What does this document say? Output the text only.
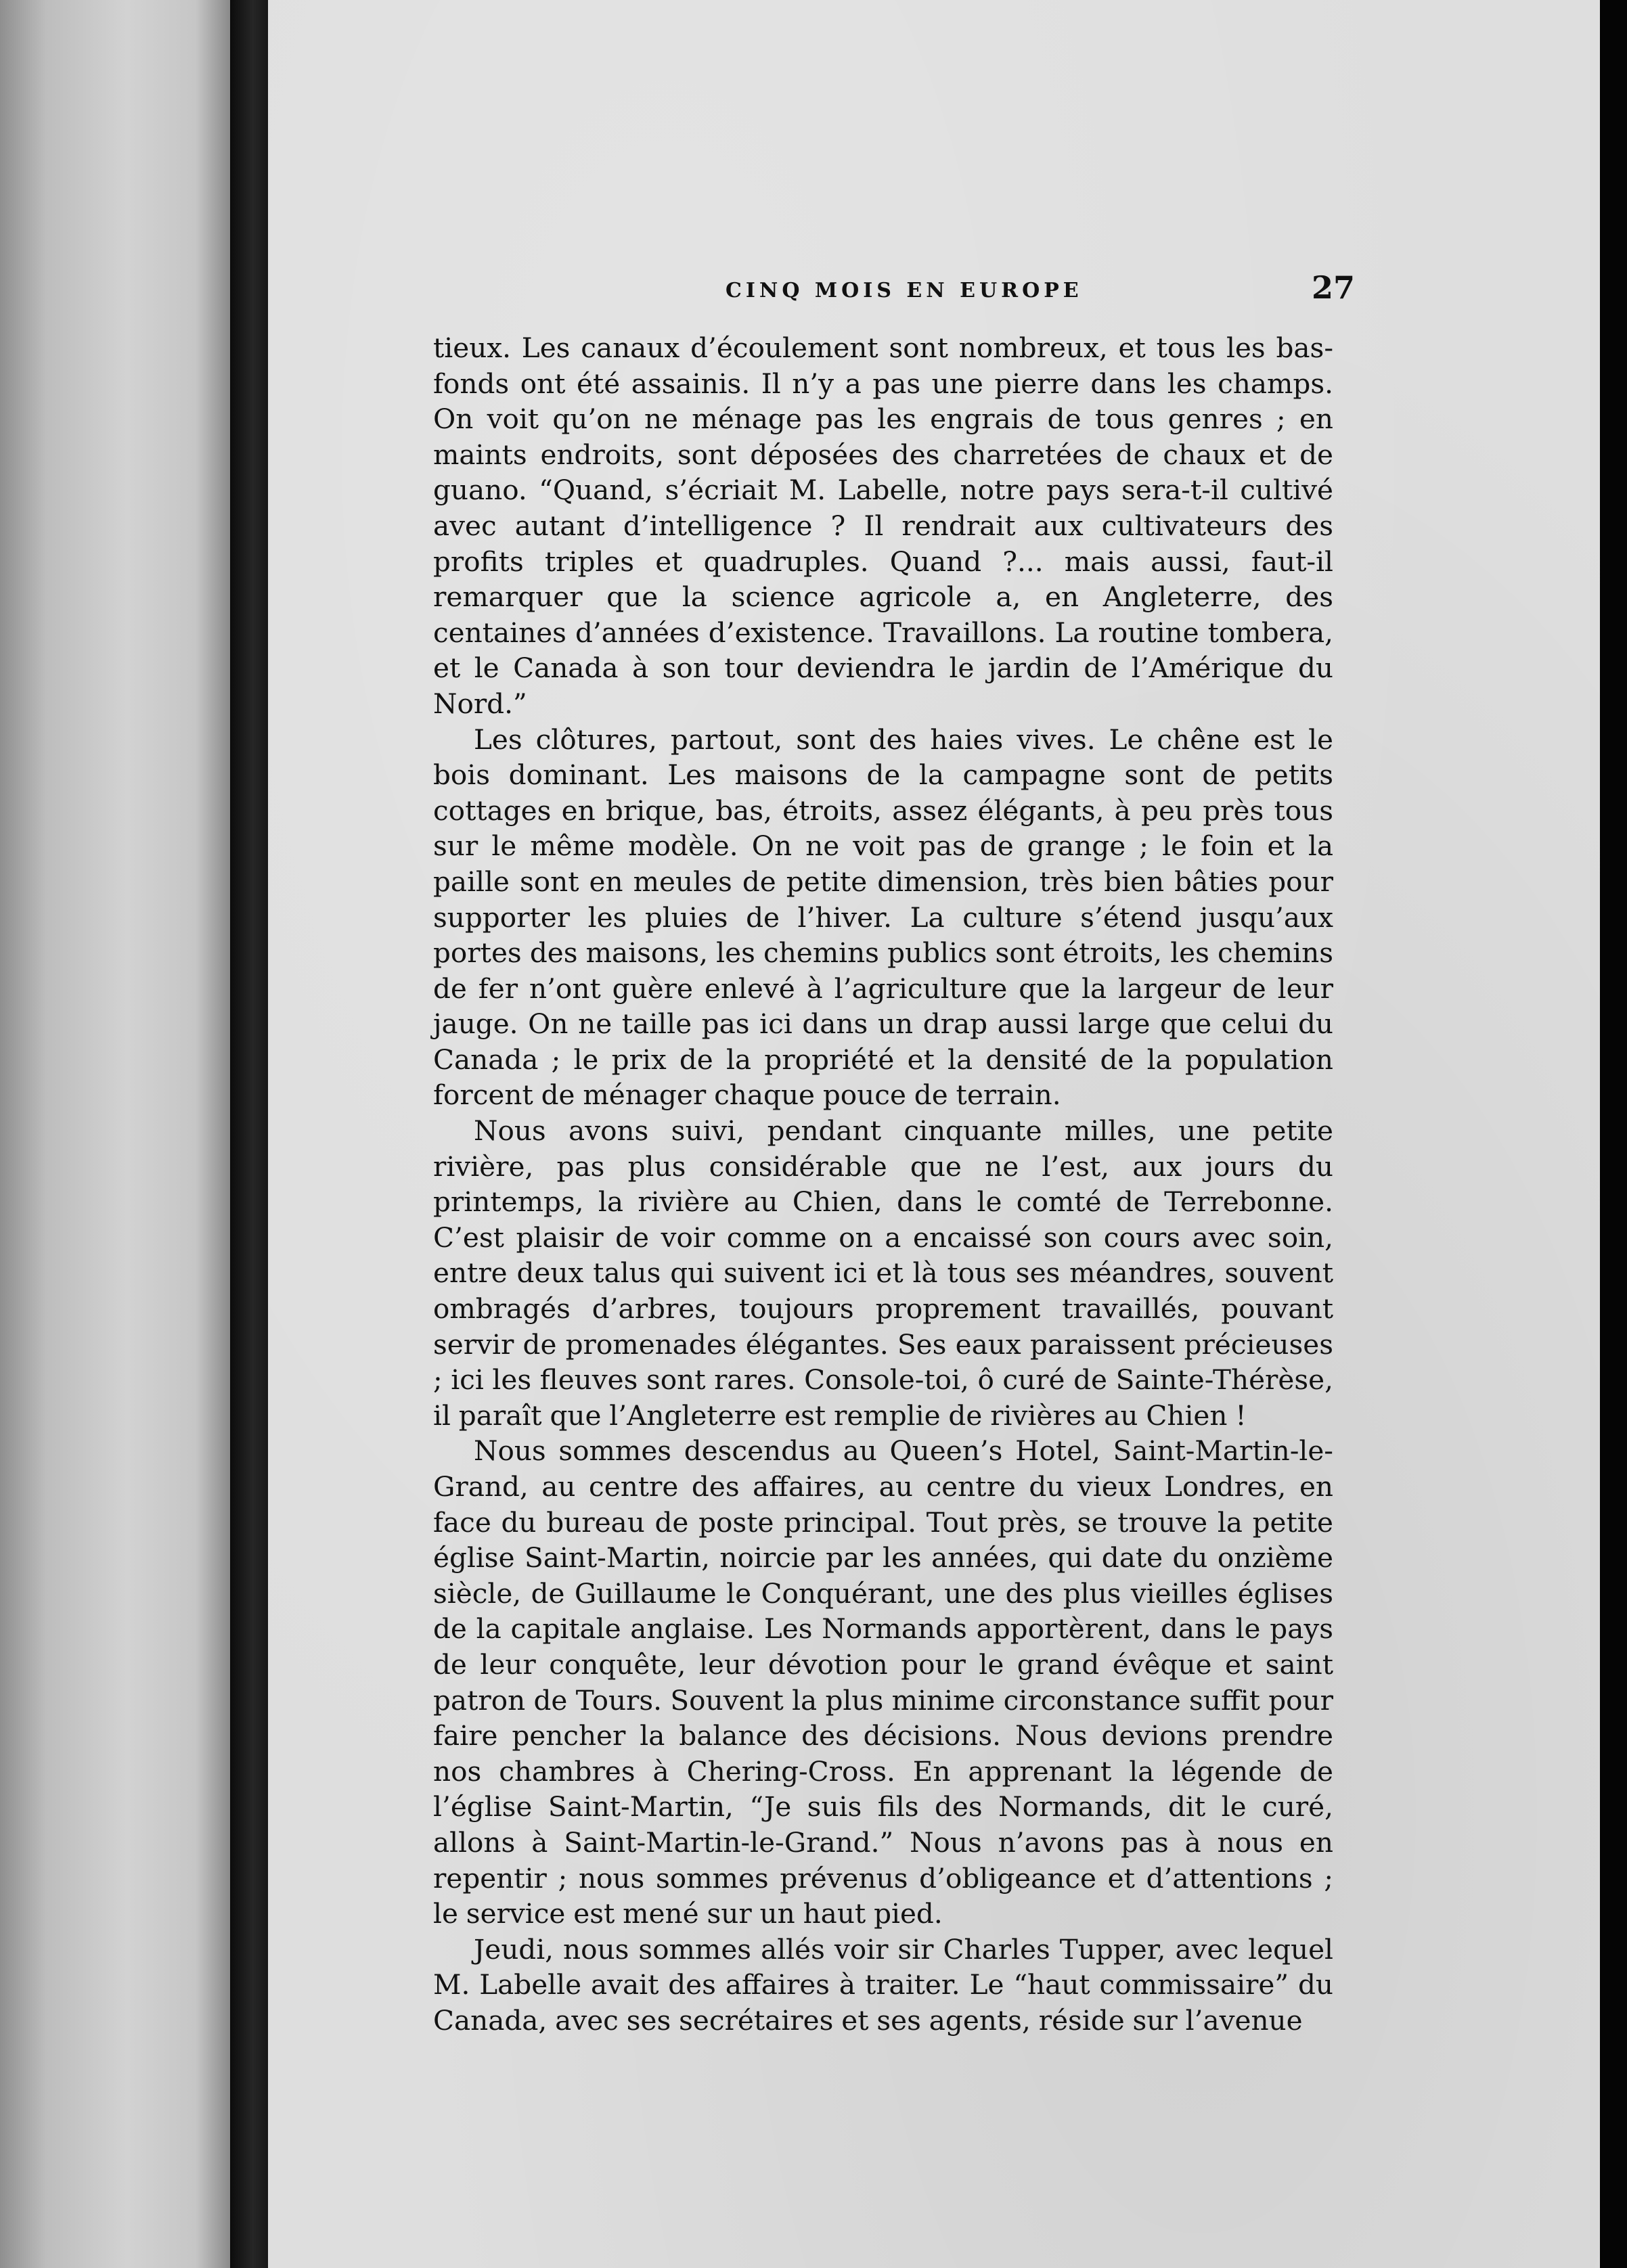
CINQ MOIS EN EUROPE	27

tieux. Les canaux d’écoulement sont nombreux, et tous les bas-fonds ont été assainis. Il n’y a pas une pierre dans les champs. On voit qu’on ne ménage pas les engrais de tous genres ; en maints endroits, sont déposées des charretées de chaux et de guano. “Quand, s’écriait M. Labelle, notre pays sera-t-il cultivé avec autant d’intelligence ? Il rendrait aux cultivateurs des profits triples et quadruples. Quand ?... mais aussi, faut-il remarquer que la science agricole a, en Angleterre, des centaines d’années d’existence. Travaillons. La routine tombera, et le Canada à son tour deviendra le jardin de l’Amérique du Nord.”

Les clôtures, partout, sont des haies vives. Le chêne est le bois dominant. Les maisons de la campagne sont de petits cottages en brique, bas, étroits, assez élégants, à peu près tous sur le même modèle. On ne voit pas de grange ; le foin et la paille sont en meules de petite dimension, très bien bâties pour supporter les pluies de l’hiver. La culture s’étend jusqu’aux portes des maisons, les chemins publics sont étroits, les chemins de fer n’ont guère enlevé à l’agriculture que la largeur de leur jauge. On ne taille pas ici dans un drap aussi large que celui du Canada ; le prix de la propriété et la densité de la population forcent de ménager chaque pouce de terrain.

Nous avons suivi, pendant cinquante milles, une petite rivière, pas plus considérable que ne l’est, aux jours du printemps, la rivière au Chien, dans le comté de Terrebonne. C’est plaisir de voir comme on a encaissé son cours avec soin, entre deux talus qui suivent ici et là tous ses méandres, souvent ombragés d’arbres, toujours proprement travaillés, pouvant servir de promenades élégantes. Ses eaux paraissent précieuses ; ici les fleuves sont rares. Console-toi, ô curé de Sainte-Thérèse, il paraît que l’Angleterre est remplie de rivières au Chien !

Nous sommes descendus au Queen’s Hotel, Saint-Martin-le-Grand, au centre des affaires, au centre du vieux Londres, en face du bureau de poste principal. Tout près, se trouve la petite église Saint-Martin, noircie par les années, qui date du onzième siècle, de Guillaume le Conquérant, une des plus vieilles églises de la capitale anglaise. Les Normands apportèrent, dans le pays de leur conquête, leur dévotion pour le grand évêque et saint patron de Tours. Souvent la plus minime circonstance suffit pour faire pencher la balance des décisions. Nous devions prendre nos chambres à Chering-Cross. En apprenant la légende de l’église Saint-Martin, “Je suis fils des Normands, dit le curé, allons à Saint-Martin-le-Grand.” Nous n’avons pas à nous en repentir ; nous sommes prévenus d’obligeance et d’attentions ; le service est mené sur un haut pied.

Jeudi, nous sommes allés voir sir Charles Tupper, avec lequel M. Labelle avait des affaires à traiter. Le “haut commissaire” du Canada, avec ses secrétaires et ses agents, réside sur l’avenue
